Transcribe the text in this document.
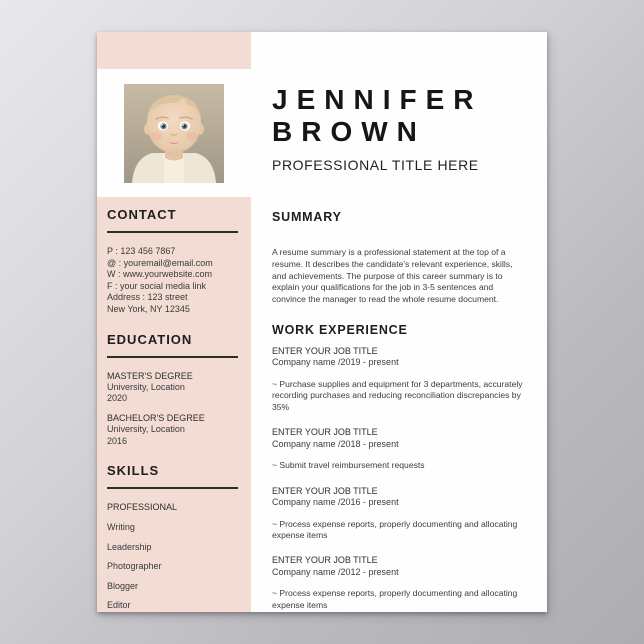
CONTACT

P : 123 456 7867

@ : youremail@email.com

W : www.yourwebsite.com

F : your social media link

Address : 123 street

New York, NY 12345

EDUCATION

MASTER'S DEGREE

University, Location

2020

BACHELOR'S DEGREE

University, Location

2016

SKILLS

PROFESSIONAL

Writing

Leadership

Photographer

Blogger

Editor

JENNIFER
BROWN
PROFESSIONAL TITLE HERE
SUMMARY

A resume summary is a professional statement at the top of a resume. It describes the candidate's relevant experience, skills, and achievements. The purpose of this career summary is to explain your qualifications for the job in 3-5 sentences and convince the manager to read the whole resume document.

WORK EXPERIENCE

ENTER YOUR JOB TITLE

Company name /2019 - present

~ Purchase supplies and equipment for 3 departments, accurately recording purchases and reducing reconciliation discrepancies by 35%

ENTER YOUR JOB TITLE

Company name /2018 - present

~ Submit travel reimbursement requests

ENTER YOUR JOB TITLE

Company name /2016 - present

~ Process expense reports, properly documenting and allocating expense items

ENTER YOUR JOB TITLE

Company name /2012 - present

~ Process expense reports, properly documenting and allocating expense items
